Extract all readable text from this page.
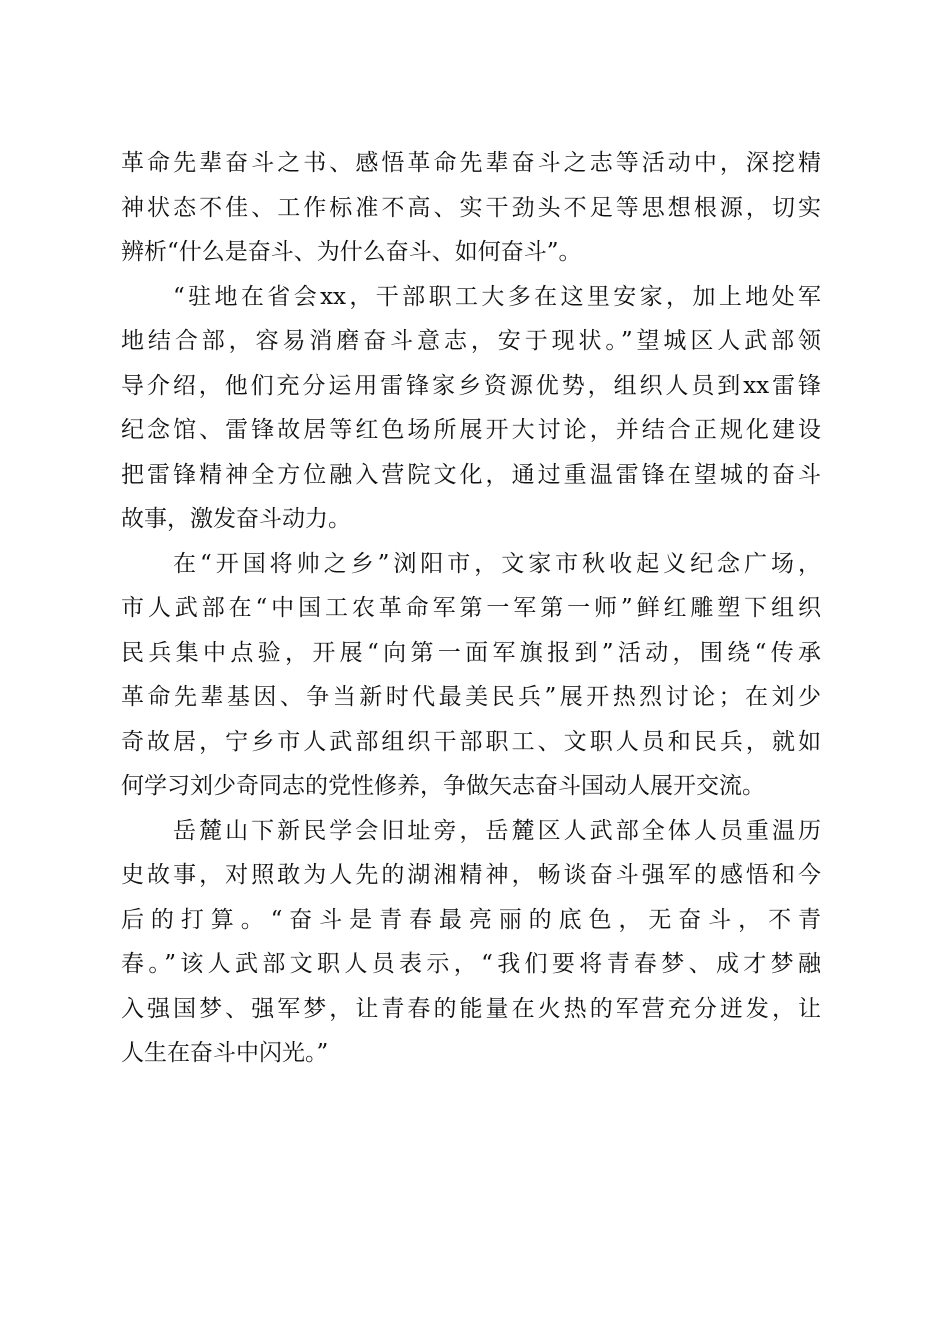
革命先辈奋斗之书、感悟革命先辈奋斗之志等活动中，深挖精
神状态不佳、工作标准不高、实干劲头不足等思想根源，切实
辨析“什么是奋斗、为什么奋斗、如何奋斗”。
“驻地在省会xx，干部职工大多在这里安家，加上地处军
地结合部，容易消磨奋斗意志，安于现状。”望城区人武部领
导介绍，他们充分运用雷锋家乡资源优势，组织人员到xx雷锋
纪念馆、雷锋故居等红色场所展开大讨论，并结合正规化建设
把雷锋精神全方位融入营院文化，通过重温雷锋在望城的奋斗
故事，激发奋斗动力。
在“开国将帅之乡”浏阳市，文家市秋收起义纪念广场，
市人武部在“中国工农革命军第一军第一师”鲜红雕塑下组织
民兵集中点验，开展“向第一面军旗报到”活动，围绕“传承
革命先辈基因、争当新时代最美民兵”展开热烈讨论；在刘少
奇故居，宁乡市人武部组织干部职工、文职人员和民兵，就如
何学习刘少奇同志的党性修养，争做矢志奋斗国动人展开交流。
岳麓山下新民学会旧址旁，岳麓区人武部全体人员重温历
史故事，对照敢为人先的湖湘精神，畅谈奋斗强军的感悟和今
后的打算。“奋斗是青春最亮丽的底色，无奋斗，不青
春。”该人武部文职人员表示，“我们要将青春梦、成才梦融
入强国梦、强军梦，让青春的能量在火热的军营充分迸发，让
人生在奋斗中闪光。”
